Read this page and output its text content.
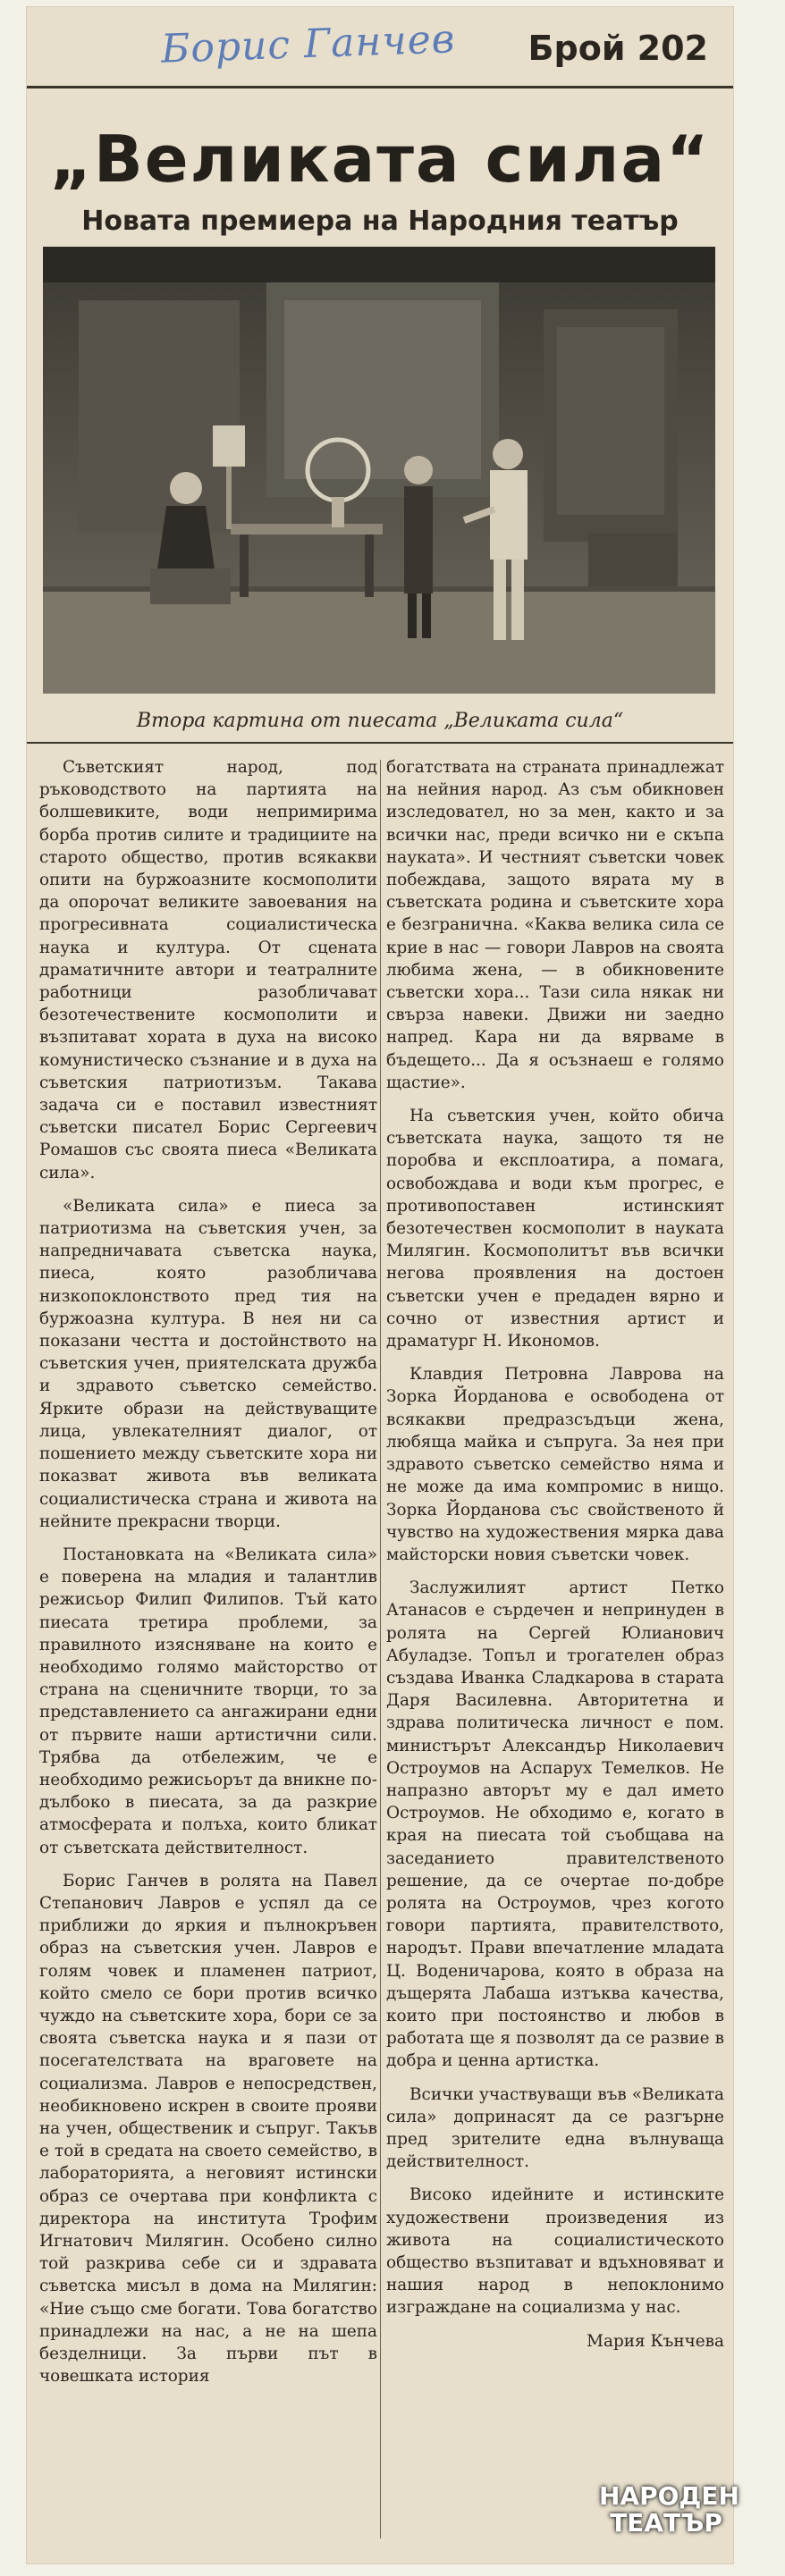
Борис Ганчев Брой 202
„Великата сила“
Новата премиера на Народния театър
Втора картина от пиесата „Великата сила“

Съветският народ, под ръководството на партията на болшевиките, води непримирима борба против силите и традициите на старото общество, против всякакви опити на буржоазните космополити да опорочат великите завоевания на прогресивната социалистическа наука и култура. От сцената драматичните автори и театралните работници разобличават безотечествените космополити и възпитават хората в духа на високо комунистическо съзнание и в духа на съветския патриотизъм. Такава задача си е поставил известният съветски писател Борис Сергеевич Ромашов със своята пиеса «Великата сила».

«Великата сила» е пиеса за патриотизма на съветския учен, за напредничавата съветска наука, пиеса, която разобличава низкопоклонството пред тия на буржоазна култура. В нея ни са показани честта и достойнството на съветския учен, приятелската дружба и здравото съветско семейство. Ярките образи на действуващите лица, увлекателният диалог, от пошението между съветските хора ни показват живота във великата социалистическа страна и живота на нейните прекрасни творци.

Постановката на «Великата сила» е поверена на младия и талантлив режисьор Филип Филипов. Тъй като пиесата третира проблеми, за правилното изясняване на които е необходимо голямо майсторство от страна на сценичните творци, то за представлението са ангажирани едни от първите наши артистични сили. Трябва да отбележим, че е необходимо режисьорът да вникне по-дълбоко в пиесата, за да разкрие атмосферата и полъха, които бликат от съветската действителност.

Борис Ганчев в ролята на Павел Степанович Лавров е успял да се приближи до яркия и пълнокръвен образ на съветския учен. Лавров е голям човек и пламенен патриот, който смело се бори против всичко чуждо на съветските хора, бори се за своята съветска наука и я пази от посегателствата на враговете на социализма. Лавров е непосредствен, необикновено искрен в своите прояви на учен, общественик и съпруг. Такъв е той в средата на своето семейство, в лабораторията, а неговият истински образ се очертава при конфликта с директора на института Трофим Игнатович Милягин. Особено силно той разкрива себе си и здравата съветска мисъл в дома на Милягин: «Ние също сме богати. Това богатство принадлежи на нас, а не на шепа безделници. За първи път в човешката история

богатствата на страната принадлежат на нейния народ. Аз съм обикновен изследовател, но за мен, както и за всички нас, преди всичко ни е скъпа науката». И честният съветски човек побеждава, защото вярата му в съветската родина и съветските хора е безгранична. «Каква велика сила се крие в нас — говори Лавров на своята любима жена, — в обикновените съветски хора... Тази сила някак ни свърза навеки. Движи ни заедно напред. Кара ни да вярваме в бъдещето... Да я осъзнаеш е голямо щастие».

На съветския учен, който обича съветската наука, защото тя не поробва и експлоатира, а помага, освобождава и води към прогрес, е противопоставен истинският безотечествен космополит в науката Милягин. Космополитът във всички негова проявления на достоен съветски учен е предаден вярно и сочно от известния артист и драматург Н. Икономов.

Клавдия Петровна Лаврова на Зорка Йорданова е освободена от всякакви предразсъдъци жена, любяща майка и съпруга. За нея при здравото съветско семейство няма и не може да има компромис в нищо. Зорка Йорданова със свойственото й чувство на художествения мярка дава майсторски новия съветски човек.

Заслужилият артист Петко Атанасов е сърдечен и непринуден в ролята на Сергей Юлианович Абуладзе. Топъл и трогателен образ създава Иванка Сладкарова в старата Даря Василевна. Авторитетна и здрава политическа личност е пом. министърът Александър Николаевич Остроумов на Аспарух Темелков. Не напразно авторът му е дал името Остроумов. Не обходимо е, когато в края на пиесата той съобщава на заседанието правителственото решение, да се очертае по-добре ролята на Остроумов, чрез когото говори партията, правителството, народът. Прави впечатление младата Ц. Воденичарова, която в образа на дъщерята Лабаша изтъква качества, които при постоянство и любов в работата ще я позволят да се развие в добра и ценна артистка.

Всички участвуващи във «Великата сила» допринасят да се разгърне пред зрителите една вълнуваща действителност.

Високо идейните и истинските художествени произведения из живота на социалистическото общество възпитават и вдъхновяват и нашия народ в непоклонимо изграждане на социализма у нас.

Мария Кънчева

НАРОДЕН
ТЕАТЪР
